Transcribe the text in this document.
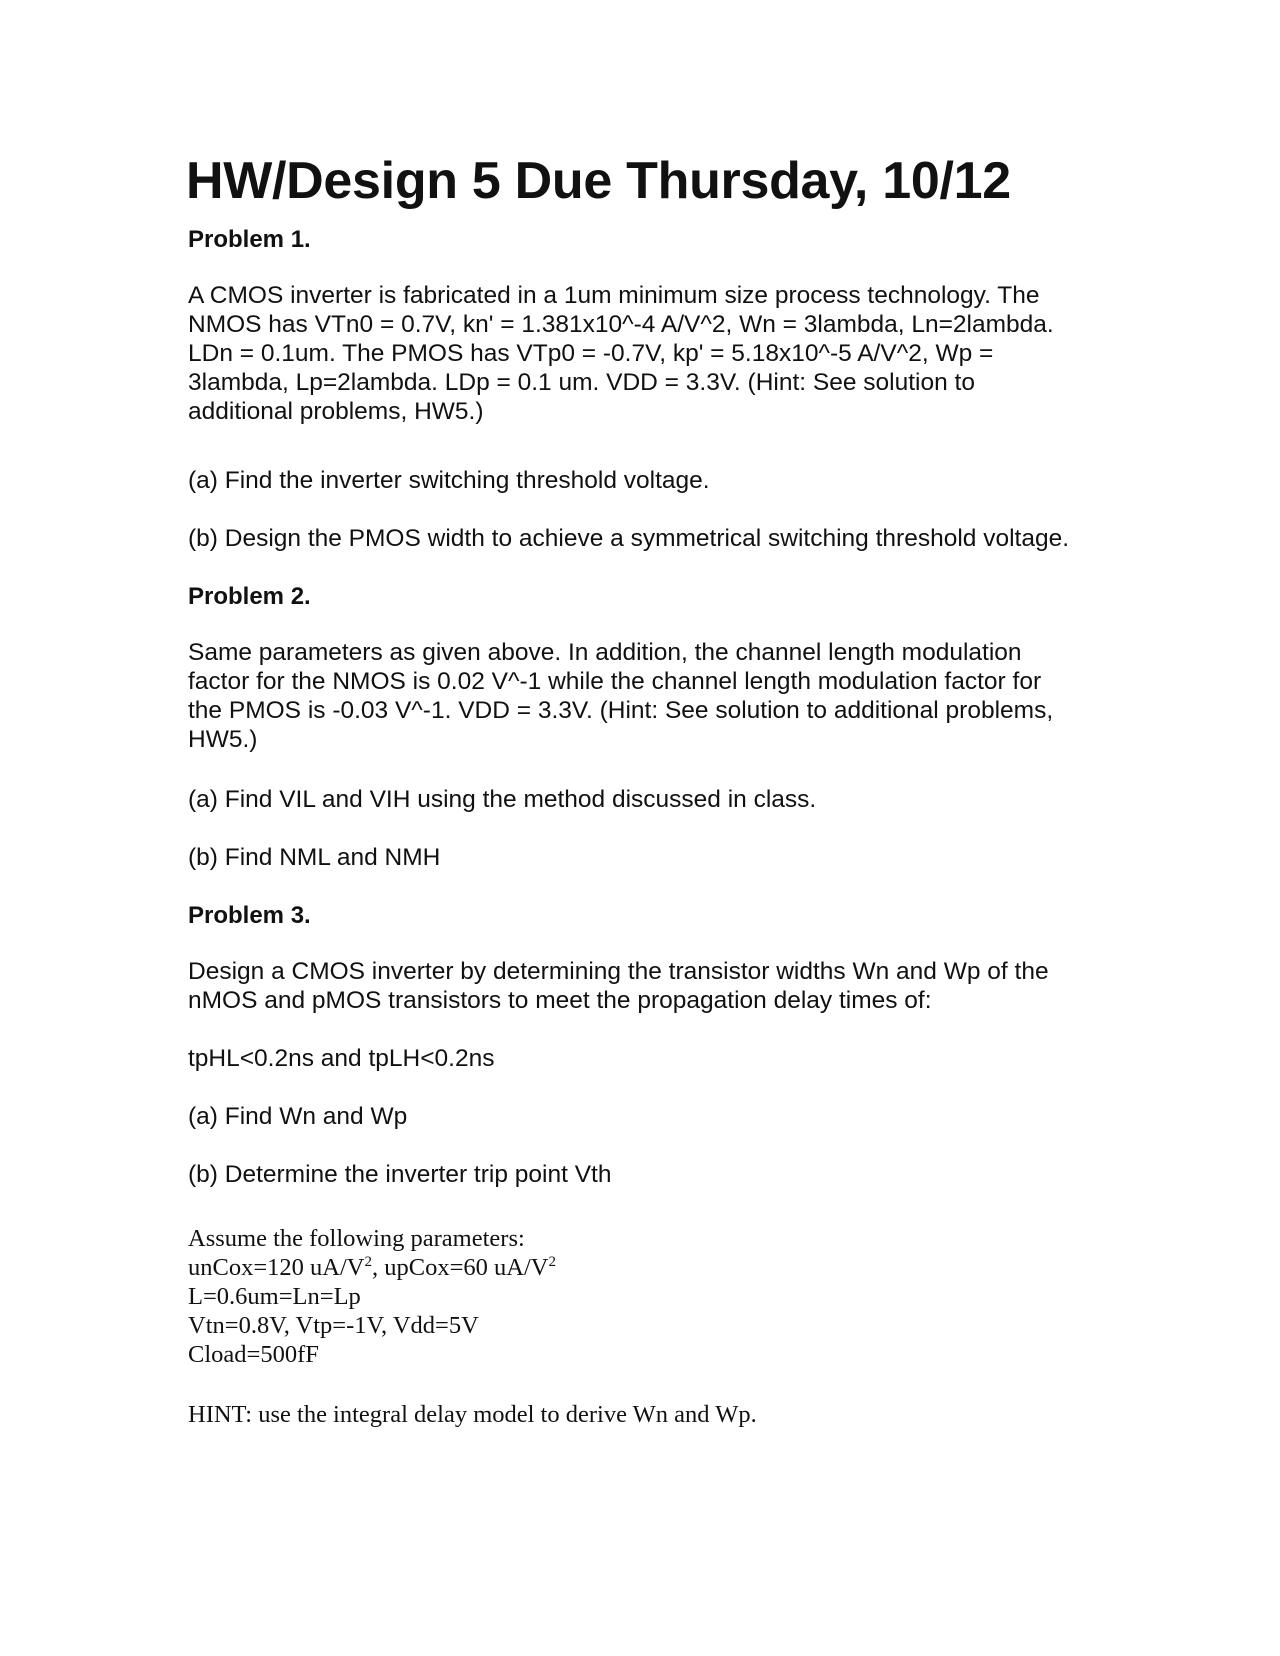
HW/Design 5 Due Thursday, 10/12
Problem 1.
A CMOS inverter is fabricated in a 1um minimum size process technology. The
NMOS has VTn0 = 0.7V, kn' = 1.381x10^-4 A/V^2, Wn = 3lambda, Ln=2lambda.
LDn = 0.1um. The PMOS has VTp0 = -0.7V, kp' = 5.18x10^-5 A/V^2, Wp =
3lambda, Lp=2lambda. LDp = 0.1 um. VDD = 3.3V. (Hint: See solution to
additional problems, HW5.)
(a) Find the inverter switching threshold voltage.
(b) Design the PMOS width to achieve a symmetrical switching threshold voltage.
Problem 2.
Same parameters as given above. In addition, the channel length modulation
factor for the NMOS is 0.02 V^-1 while the channel length modulation factor for
the PMOS is -0.03 V^-1. VDD = 3.3V. (Hint: See solution to additional problems,
HW5.)
(a) Find VIL and VIH using the method discussed in class.
(b) Find NML and NMH
Problem 3.
Design a CMOS inverter by determining the transistor widths Wn and Wp of the
nMOS and pMOS transistors to meet the propagation delay times of:
tpHL<0.2ns and tpLH<0.2ns
(a) Find Wn and Wp
(b) Determine the inverter trip point Vth
Assume the following parameters:
unCox=120 $uA/V^2$, upCox=60 $uA/V^2$
L=0.6um=Ln=Lp
Vtn=0.8V, Vtp=-1V, Vdd=5V
Cload=500fF
HINT: use the integral delay model to derive Wn and Wp.
